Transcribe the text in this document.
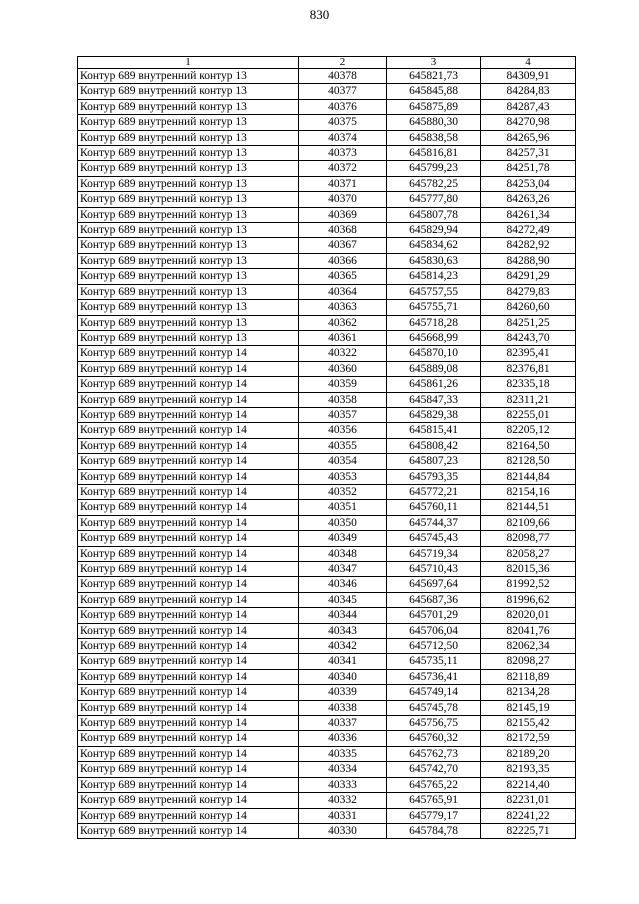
830
1	2	3	4
Контур 689 внутренний контур 13	40378	645821,73	84309,91
Контур 689 внутренний контур 13	40377	645845,88	84284,83
Контур 689 внутренний контур 13	40376	645875,89	84287,43
Контур 689 внутренний контур 13	40375	645880,30	84270,98
Контур 689 внутренний контур 13	40374	645838,58	84265,96
Контур 689 внутренний контур 13	40373	645816,81	84257,31
Контур 689 внутренний контур 13	40372	645799,23	84251,78
Контур 689 внутренний контур 13	40371	645782,25	84253,04
Контур 689 внутренний контур 13	40370	645777,80	84263,26
Контур 689 внутренний контур 13	40369	645807,78	84261,34
Контур 689 внутренний контур 13	40368	645829,94	84272,49
Контур 689 внутренний контур 13	40367	645834,62	84282,92
Контур 689 внутренний контур 13	40366	645830,63	84288,90
Контур 689 внутренний контур 13	40365	645814,23	84291,29
Контур 689 внутренний контур 13	40364	645757,55	84279,83
Контур 689 внутренний контур 13	40363	645755,71	84260,60
Контур 689 внутренний контур 13	40362	645718,28	84251,25
Контур 689 внутренний контур 13	40361	645668,99	84243,70
Контур 689 внутренний контур 14	40322	645870,10	82395,41
Контур 689 внутренний контур 14	40360	645889,08	82376,81
Контур 689 внутренний контур 14	40359	645861,26	82335,18
Контур 689 внутренний контур 14	40358	645847,33	82311,21
Контур 689 внутренний контур 14	40357	645829,38	82255,01
Контур 689 внутренний контур 14	40356	645815,41	82205,12
Контур 689 внутренний контур 14	40355	645808,42	82164,50
Контур 689 внутренний контур 14	40354	645807,23	82128,50
Контур 689 внутренний контур 14	40353	645793,35	82144,84
Контур 689 внутренний контур 14	40352	645772,21	82154,16
Контур 689 внутренний контур 14	40351	645760,11	82144,51
Контур 689 внутренний контур 14	40350	645744,37	82109,66
Контур 689 внутренний контур 14	40349	645745,43	82098,77
Контур 689 внутренний контур 14	40348	645719,34	82058,27
Контур 689 внутренний контур 14	40347	645710,43	82015,36
Контур 689 внутренний контур 14	40346	645697,64	81992,52
Контур 689 внутренний контур 14	40345	645687,36	81996,62
Контур 689 внутренний контур 14	40344	645701,29	82020,01
Контур 689 внутренний контур 14	40343	645706,04	82041,76
Контур 689 внутренний контур 14	40342	645712,50	82062,34
Контур 689 внутренний контур 14	40341	645735,11	82098,27
Контур 689 внутренний контур 14	40340	645736,41	82118,89
Контур 689 внутренний контур 14	40339	645749,14	82134,28
Контур 689 внутренний контур 14	40338	645745,78	82145,19
Контур 689 внутренний контур 14	40337	645756,75	82155,42
Контур 689 внутренний контур 14	40336	645760,32	82172,59
Контур 689 внутренний контур 14	40335	645762,73	82189,20
Контур 689 внутренний контур 14	40334	645742,70	82193,35
Контур 689 внутренний контур 14	40333	645765,22	82214,40
Контур 689 внутренний контур 14	40332	645765,91	82231,01
Контур 689 внутренний контур 14	40331	645779,17	82241,22
Контур 689 внутренний контур 14	40330	645784,78	82225,71
